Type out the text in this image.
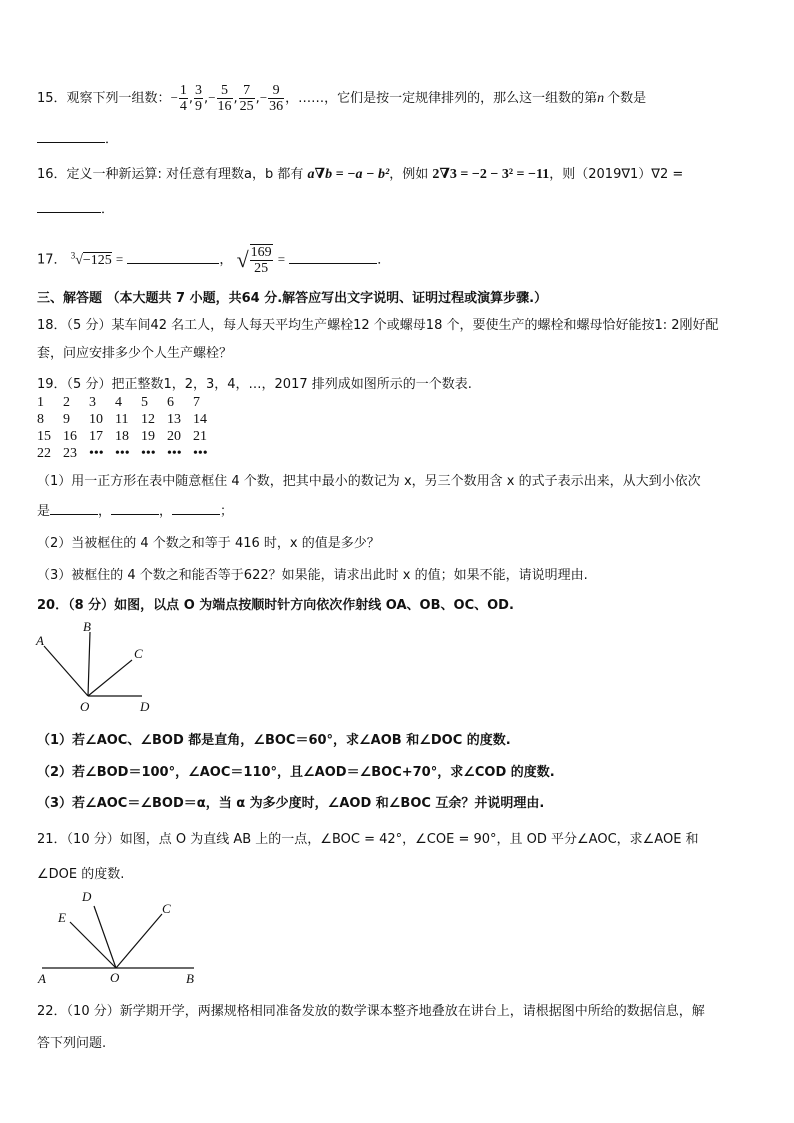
15．观察下列一组数：− $\frac{1}{4}$ , $\frac{3}{9}$ ,− $\frac{5}{16}$ , $\frac{7}{25}$ ,− $\frac{9}{36}$ ，……，它们是按一定规律排列的，那么这一组数的第n 个数是
．
16．定义一种新运算: 对任意有理数a，b 都有 a∇b = −a − b²，例如 2∇3 = −2 − 3² = −11，则（2019∇1）∇2 =
．
17． $^3$√−125 =	， √ $\frac{169}{25}$ =	．
三、解答题 （本大题共 7 小题，共64 分.解答应写出文字说明、证明过程或演算步骤.）
18．（5 分）某车间42 名工人，每人每天平均生产螺栓12 个或螺母18 个，要使生产的螺栓和螺母恰好能按1: 2刚好配
套，问应安排多少个人生产螺栓？
19．（5 分）把正整数1，2，3，4，…，2017 排列成如图所示的一个数表.
1	2	3	4	5	6	7
8	9	10 11 12 13 14
15 16 17 18 19 20 21
22 23 ••• ••• ••• ••• •••
（1）用一正方形在表中随意框住 4 个数，把其中最小的数记为 x，另三个数用含 x 的式子表示出来，从大到小依次
是	，	，	；
（2）当被框住的 4 个数之和等于 416 时，x 的值是多少？
（3）被框住的 4 个数之和能否等于622？如果能，请求出此时 x 的值；如果不能，请说明理由.
20．（8 分）如图，以点 O 为端点按顺时针方向依次作射线 OA、OB、OC、OD.
A
B
C
O	D
（1）若∠AOC、∠BOD 都是直角，∠BOC＝60°，求∠AOB 和∠DOC 的度数.
（2）若∠BOD＝100°，∠AOC＝110°，且∠AOD＝∠BOC+70°，求∠COD 的度数.
（3）若∠AOC＝∠BOD＝α，当 α 为多少度时，∠AOD 和∠BOC 互余？并说明理由.
21．（10 分）如图，点 O 为直线 AB 上的一点，∠BOC = 42°，∠COE = 90°，且 OD 平分∠AOC，求∠AOE 和
∠DOE 的度数.
E
D
C
A	O	B
22．（10 分）新学期开学，两摞规格相同准备发放的数学课本整齐地叠放在讲台上，请根据图中所给的数据信息，解
答下列问题.
